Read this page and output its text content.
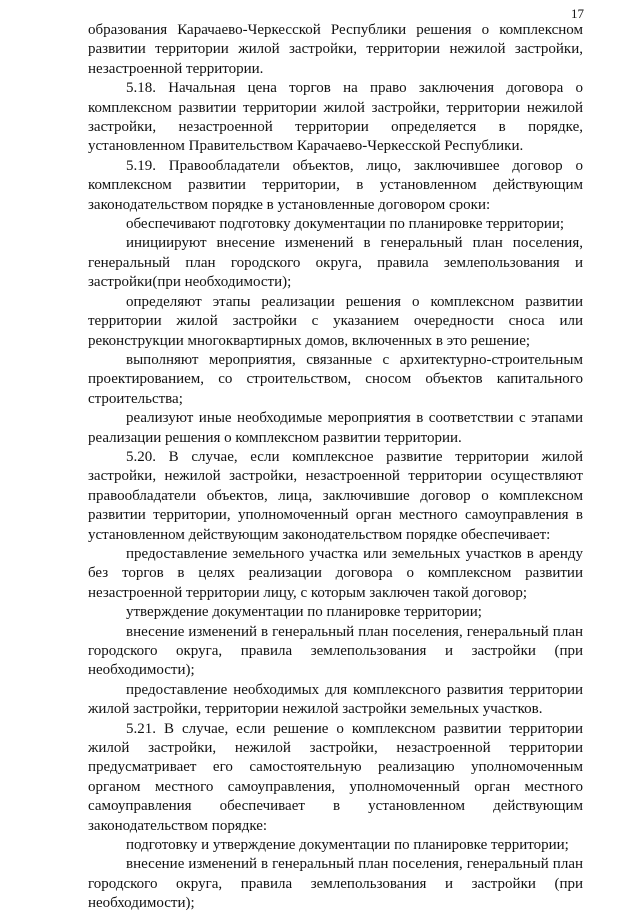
17

образования Карачаево-Черкесской Республики решения о комплексном развитии территории жилой застройки, территории нежилой застройки, незастроенной территории.

5.18. Начальная цена торгов на право заключения договора о комплексном развитии территории жилой застройки, территории нежилой застройки, незастроенной территории определяется в порядке, установленном Правительством Карачаево-Черкесской Республики.

5.19. Правообладатели объектов, лицо, заключившее договор о комплексном развитии территории, в установленном действующим законодательством порядке в установленные договором сроки:

обеспечивают подготовку документации по планировке территории;

инициируют внесение изменений в генеральный план поселения, генеральный план городского округа, правила землепользования и застройки(при необходимости);

определяют этапы реализации решения о комплексном развитии территории жилой застройки с указанием очередности сноса или реконструкции многоквартирных домов, включенных в это решение;

выполняют мероприятия, связанные с архитектурно-строительным проектированием, со строительством, сносом объектов капитального строительства;

реализуют иные необходимые мероприятия в соответствии с этапами реализации решения о комплексном развитии территории.

5.20. В случае, если комплексное развитие территории жилой застройки, нежилой застройки, незастроенной территории осуществляют правообладатели объектов, лица, заключившие договор о комплексном развитии территории, уполномоченный орган местного самоуправления в установленном действующим законодательством порядке обеспечивает:

предоставление земельного участка или земельных участков в аренду без торгов в целях реализации договора о комплексном развитии незастроенной территории лицу, с которым заключен такой договор;

утверждение документации по планировке территории;

внесение изменений в генеральный план поселения, генеральный план городского округа, правила землепользования и застройки (при необходимости);

предоставление необходимых для комплексного развития территории жилой застройки, территории нежилой застройки земельных участков.

5.21. В случае, если решение о комплексном развитии территории жилой застройки, нежилой застройки, незастроенной территории предусматривает его самостоятельную реализацию уполномоченным органом местного самоуправления, уполномоченный орган местного самоуправления обеспечивает в установленном действующим законодательством порядке:

подготовку и утверждение документации по планировке территории;

внесение изменений в генеральный план поселения, генеральный план городского округа, правила землепользования и застройки (при необходимости);
